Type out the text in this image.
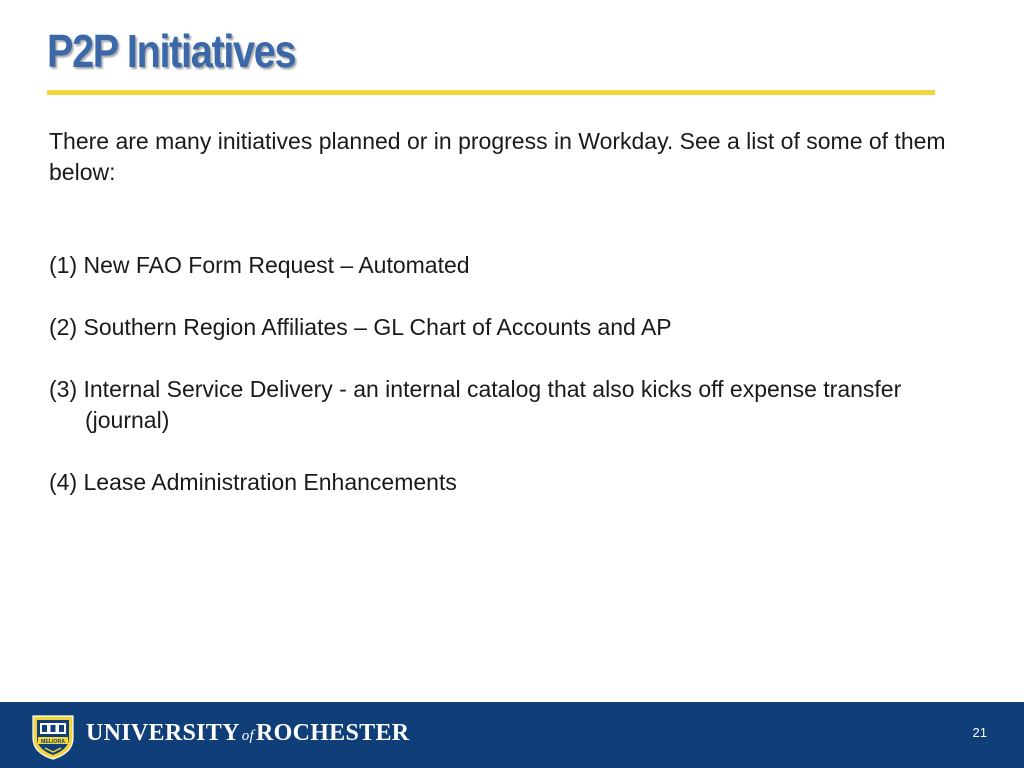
P2P Initiatives

There are many initiatives planned or in progress in Workday. See a list of some of them below:

(1) New FAO Form Request – Automated
(2) Southern Region Affiliates – GL Chart of Accounts and AP
(3) Internal Service Delivery - an internal catalog that also kicks off expense transfer (journal)
(4) Lease Administration Enhancements
MELIORA UNIVERSITY ofROCHESTER	21
